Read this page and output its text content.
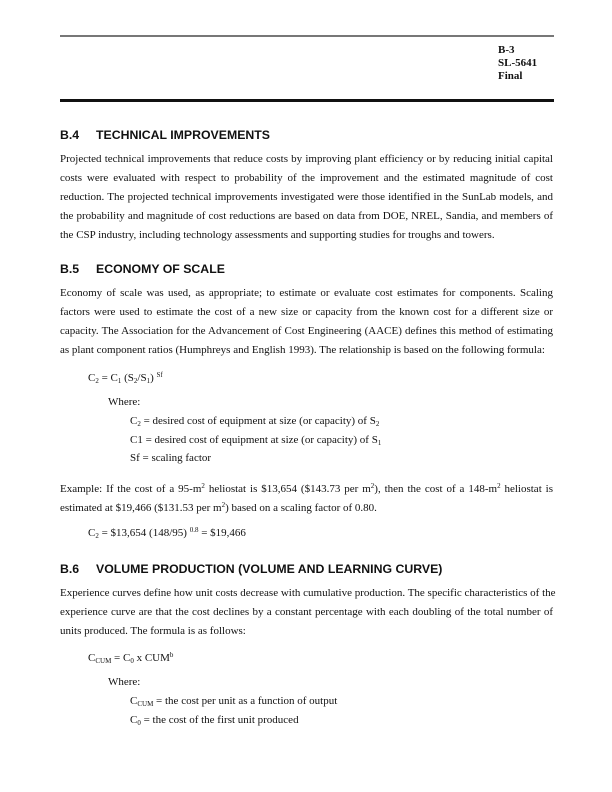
B-3
SL-5641
Final
B.4 TECHNICAL IMPROVEMENTS
Projected technical improvements that reduce costs by improving plant efficiency or by reducing initial capital
costs were evaluated with respect to probability of the improvement and the estimated magnitude of cost
reduction. The projected technical improvements investigated were those identified in the SunLab models, and
the probability and magnitude of cost reductions are based on data from DOE, NREL, Sandia, and members of
the CSP industry, including technology assessments and supporting studies for troughs and towers.
B.5 ECONOMY OF SCALE
Economy of scale was used, as appropriate; to estimate or evaluate cost estimates for components. Scaling
factors were used to estimate the cost of a new size or capacity from the known cost for a different size or
capacity. The Association for the Advancement of Cost Engineering (AACE) defines this method of estimating
as plant component ratios (Humphreys and English 1993). The relationship is based on the following formula:
$C_2 = C_1$ $(S_2/S_1)$ $^{Sf}$
Where:
$C_2$ = desired cost of equipment at size (or capacity) of $S_2$
C1 = desired cost of equipment at size (or capacity) of $S_1$
Sf = scaling factor
Example: If the cost of a $95-m^2$ heliostat is $13,654 ($143.73 per $m^2$), then the cost of a $148-m^2$ heliostat is
estimated at $19,466 ($131.53 per $m^2$) based on a scaling factor of 0.80.
$C_2$ = $13,654 (148/95) $^{0.8}$ = $19,466
B.6 VOLUME PRODUCTION (VOLUME AND LEARNING CURVE)
Experience curves define how unit costs decrease with cumulative production. The specific characteristics of the
experience curve are that the cost declines by a constant percentage with each doubling of the total number of
units produced. The formula is as follows:
$C_{CUM} = C_0$ x CUM$^b$
Where:
$C_{CUM}$ = the cost per unit as a function of output
$C_0$ = the cost of the first unit produced
